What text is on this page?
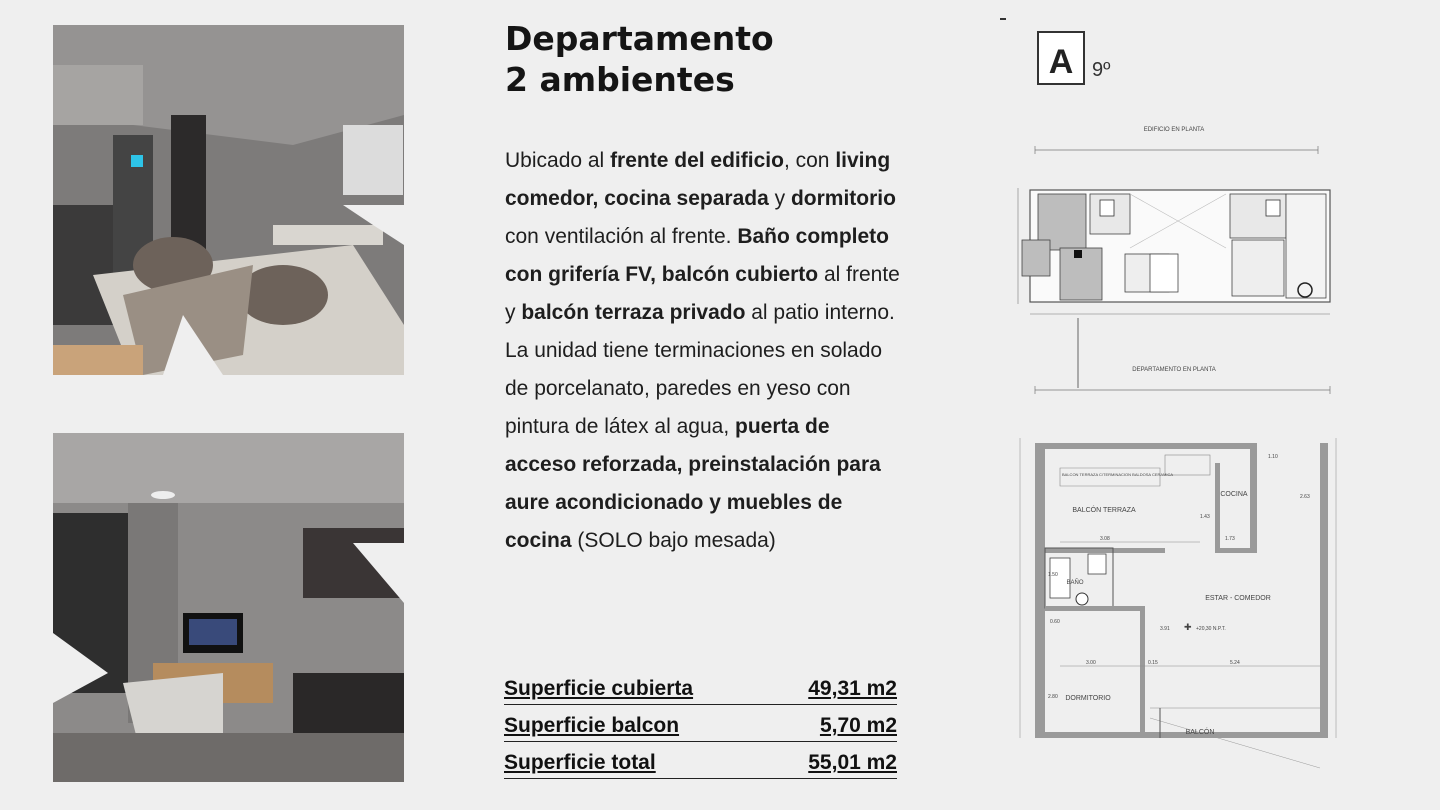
Departamento
2 ambientes

Ubicado al frente del edificio, con living comedor, cocina separada y dormitorio con ventilación al frente. Baño completo con grifería FV, balcón cubierto al frente y balcón terraza privado al patio interno. La unidad tiene terminaciones en solado de porcelanato, paredes en yeso con pintura de látex al agua, puerta de acceso reforzada, preinstalación para aure acondicionado y muebles de cocina (SOLO bajo mesada)

Superficie cubierta	49,31 m2
Superficie balcon	5,70 m2
Superficie total	55,01 m2
A 9º
EDIFICIO EN PLANTA
DEPARTAMENTO EN PLANTA
BALCÓN TERRAZA
COCINA
ESTAR - COMEDOR
BAÑO
DORMITORIO
BALCÓN
BALCON TERRAZA C/TERMINACION BALDOSA CERAMICA
+20,30 N.P.T.
✚
3.08
1.43
1.73
3.00	5.24
3.91
2.80
0.15
1.10
0.60
1.50
2.63
